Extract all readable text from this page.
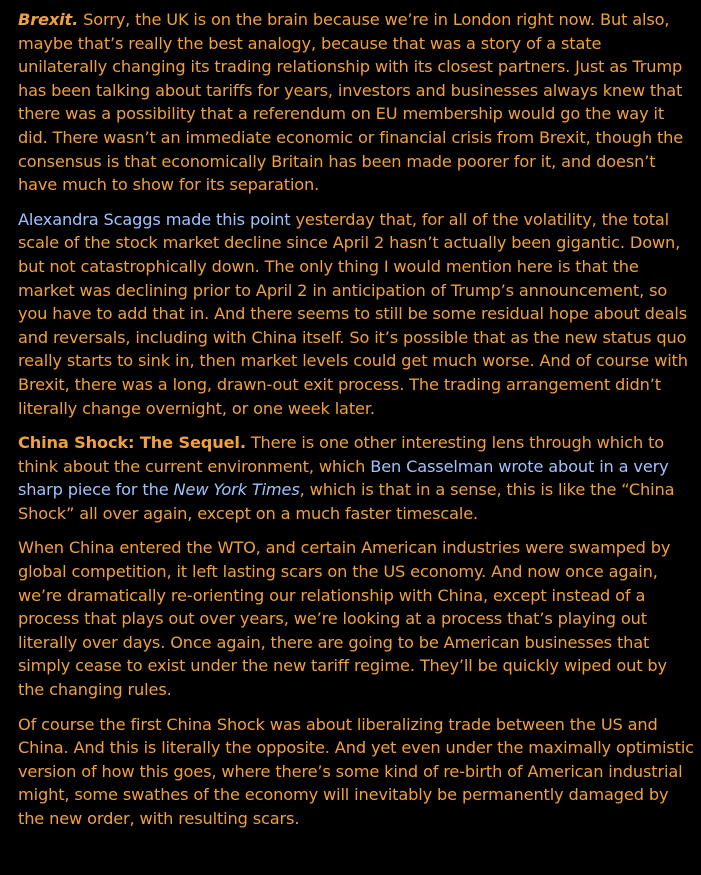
Brexit. Sorry, the UK is on the brain because we’re in London right now. But also, maybe that’s really the best analogy, because that was a story of a state unilaterally changing its trading relationship with its closest partners. Just as Trump has been talking about tariffs for years, investors and businesses always knew that there was a possibility that a referendum on EU membership would go the way it did. There wasn’t an immediate economic or financial crisis from Brexit, though the consensus is that economically Britain has been made poorer for it, and doesn’t have much to show for its separation.

Alexandra Scaggs made this point yesterday that, for all of the volatility, the total scale of the stock market decline since April 2 hasn’t actually been gigantic. Down, but not catastrophically down. The only thing I would mention here is that the market was declining prior to April 2 in anticipation of Trump’s announcement, so you have to add that in. And there seems to still be some residual hope about deals and reversals, including with China itself. So it’s possible that as the new status quo really starts to sink in, then market levels could get much worse. And of course with Brexit, there was a long, drawn-out exit process. The trading arrangement didn’t literally change overnight, or one week later.

China Shock: The Sequel. There is one other interesting lens through which to think about the current environment, which Ben Casselman wrote about in a very sharp piece for the New York Times, which is that in a sense, this is like the “China Shock” all over again, except on a much faster timescale.

When China entered the WTO, and certain American industries were swamped by global competition, it left lasting scars on the US economy. And now once again, we’re dramatically re-orienting our relationship with China, except instead of a process that plays out over years, we’re looking at a process that’s playing out literally over days. Once again, there are going to be American businesses that simply cease to exist under the new tariff regime. They’ll be quickly wiped out by the changing rules.

Of course the first China Shock was about liberalizing trade between the US and China. And this is literally the opposite. And yet even under the maximally optimistic version of how this goes, where there’s some kind of re-birth of American industrial might, some swathes of the economy will inevitably be permanently damaged by the new order, with resulting scars.
